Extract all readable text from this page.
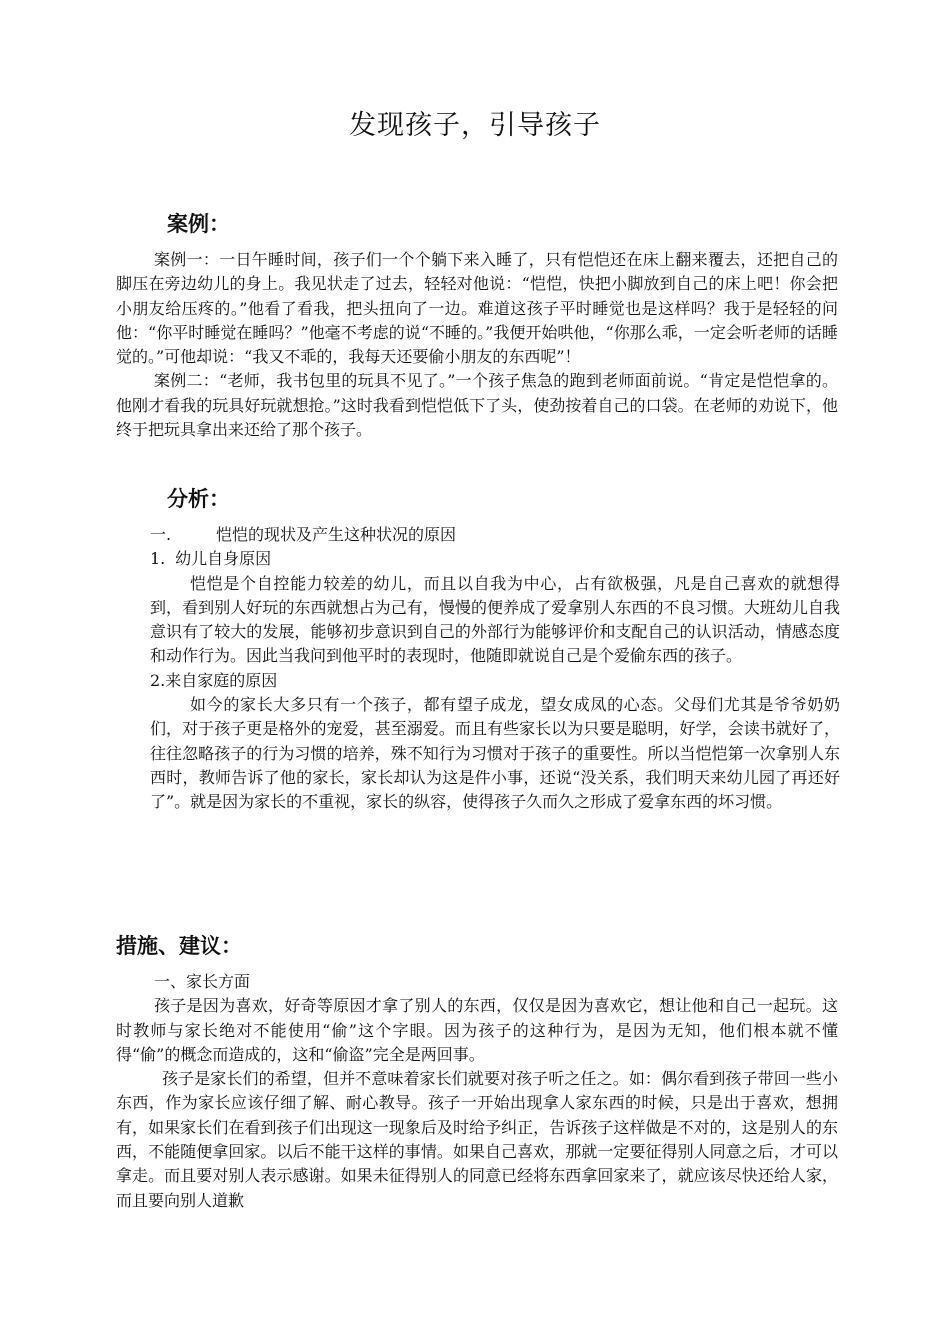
发现孩子，引导孩子
案例：

案例一：一日午睡时间，孩子们一个个躺下来入睡了，只有恺恺还在床上翻来覆去，还把自己的脚压在旁边幼儿的身上。我见状走了过去，轻轻对他说：“恺恺，快把小脚放到自己的床上吧！你会把小朋友给压疼的。”他看了看我，把头扭向了一边。难道这孩子平时睡觉也是这样吗？我于是轻轻的问他：“你平时睡觉在睡吗？”他毫不考虑的说“不睡的。”我便开始哄他，“你那么乖，一定会听老师的话睡觉的。”可他却说：“我又不乖的，我每天还要偷小朋友的东西呢”！

案例二：“老师，我书包里的玩具不见了。”一个孩子焦急的跑到老师面前说。“肯定是恺恺拿的。他刚才看我的玩具好玩就想抢。”这时我看到恺恺低下了头，使劲按着自己的口袋。在老师的劝说下，他终于把玩具拿出来还给了那个孩子。

分析：

一.	恺恺的现状及产生这种状况的原因

1. 幼儿自身原因

恺恺是个自控能力较差的幼儿，而且以自我为中心，占有欲极强，凡是自己喜欢的就想得到，看到别人好玩的东西就想占为己有，慢慢的便养成了爱拿别人东西的不良习惯。大班幼儿自我意识有了较大的发展，能够初步意识到自己的外部行为能够评价和支配自己的认识活动，情感态度和动作行为。因此当我问到他平时的表现时，他随即就说自己是个爱偷东西的孩子。

2.来自家庭的原因

如今的家长大多只有一个孩子，都有望子成龙，望女成凤的心态。父母们尤其是爷爷奶奶们，对于孩子更是格外的宠爱，甚至溺爱。而且有些家长以为只要是聪明，好学，会读书就好了，往往忽略孩子的行为习惯的培养，殊不知行为习惯对于孩子的重要性。所以当恺恺第一次拿别人东西时，教师告诉了他的家长，家长却认为这是件小事，还说“没关系，我们明天来幼儿园了再还好了”。就是因为家长的不重视，家长的纵容，使得孩子久而久之形成了爱拿东西的坏习惯。

措施、建议：

一、家长方面

孩子是因为喜欢，好奇等原因才拿了别人的东西，仅仅是因为喜欢它，想让他和自己一起玩。这时教师与家长绝对不能使用“偷”这个字眼。因为孩子的这种行为，是因为无知，他们根本就不懂得“偷”的概念而造成的，这和“偷盗”完全是两回事。

孩子是家长们的希望，但并不意味着家长们就要对孩子听之任之。如：偶尔看到孩子带回一些小东西，作为家长应该仔细了解、耐心教导。孩子一开始出现拿人家东西的时候，只是出于喜欢，想拥有，如果家长们在看到孩子们出现这一现象后及时给予纠正，告诉孩子这样做是不对的，这是别人的东西，不能随便拿回家。以后不能干这样的事情。如果自己喜欢，那就一定要征得别人同意之后，才可以拿走。而且要对别人表示感谢。如果未征得别人的同意已经将东西拿回家来了，就应该尽快还给人家，而且要向别人道歉
